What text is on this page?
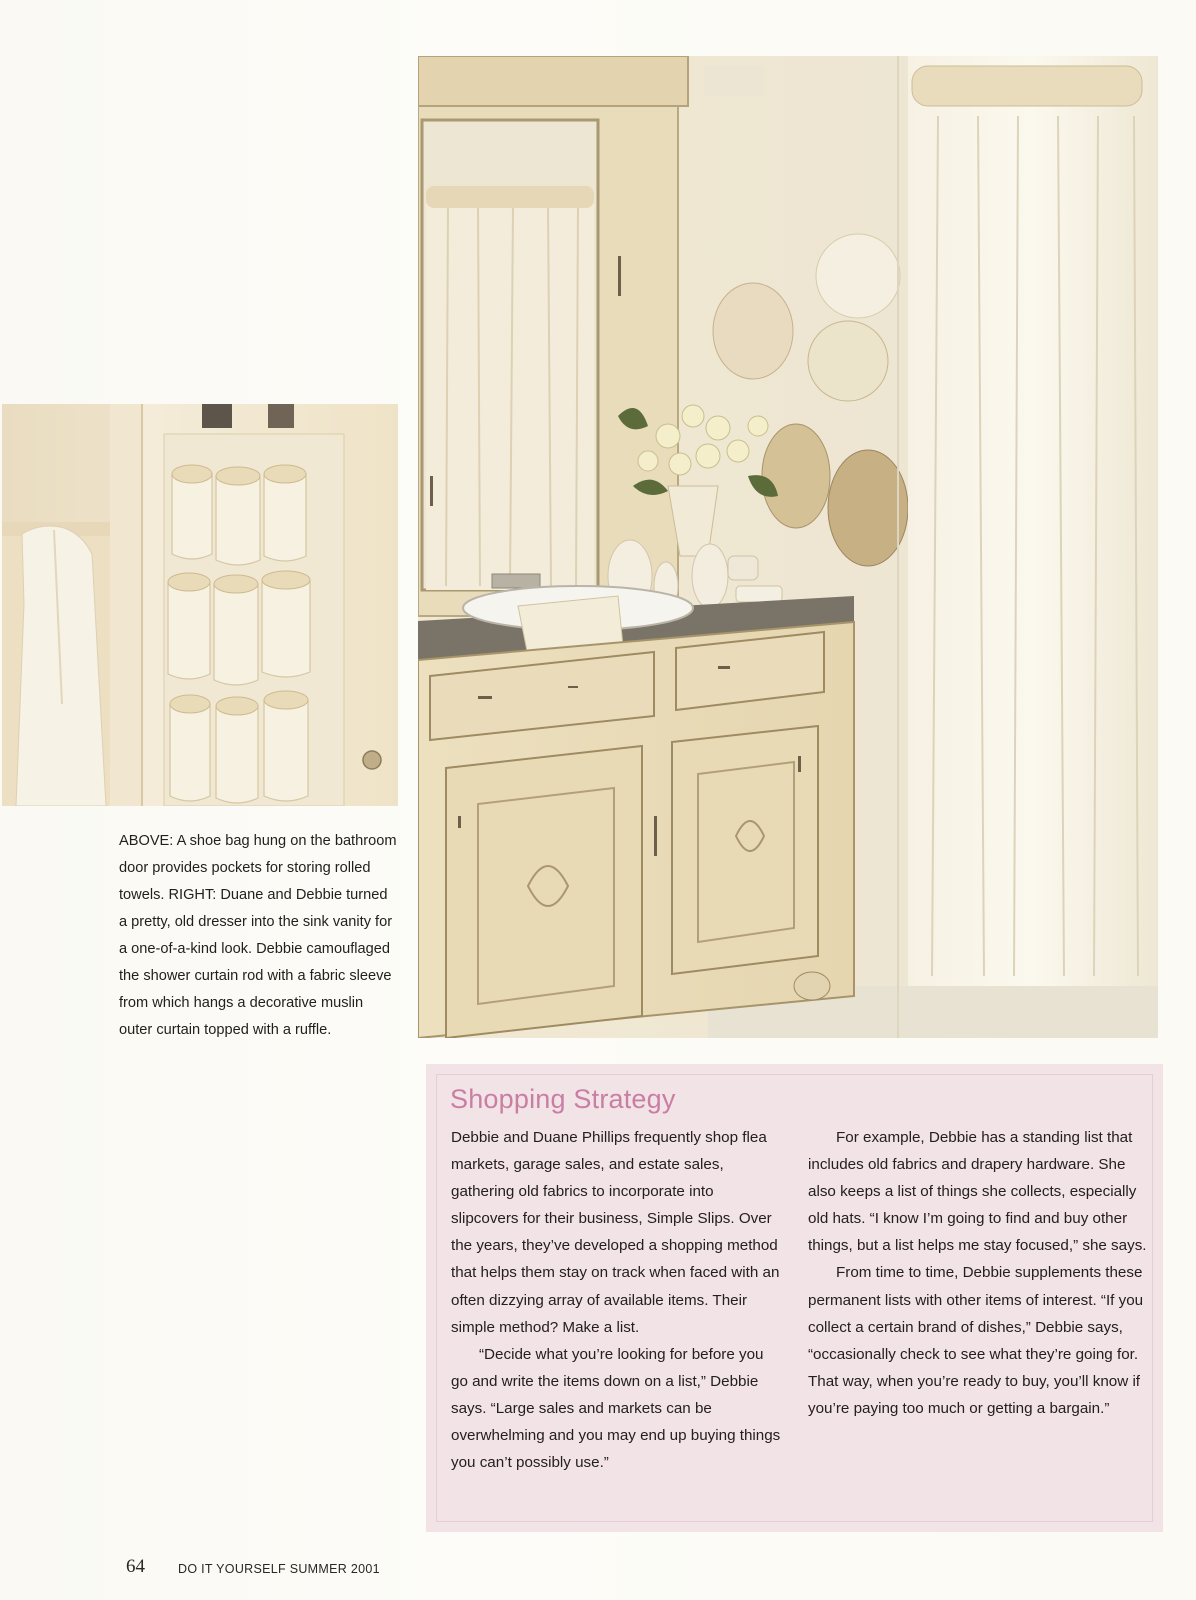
ABOVE: A shoe bag hung on the bathroom door provides pockets for storing rolled towels. RIGHT: Duane and Debbie turned a pretty, old dresser into the sink vanity for a one-of-a-kind look. Debbie camouflaged the shower curtain rod with a fabric sleeve from which hangs a decorative muslin outer curtain topped with a ruffle.
Shopping Strategy

Debbie and Duane Phillips frequently shop flea markets, garage sales, and estate sales, gathering old fabrics to incorporate into slipcovers for their business, Simple Slips. Over the years, they’ve developed a shopping method that helps them stay on track when faced with an often dizzying array of available items. Their simple method? Make a list.

“Decide what you’re looking for before you go and write the items down on a list,” Debbie says. “Large sales and markets can be overwhelming and you may end up buying things you can’t possibly use.”

For example, Debbie has a standing list that includes old fabrics and drapery hardware. She also keeps a list of things she collects, especially old hats. “I know I’m going to find and buy other things, but a list helps me stay focused,” she says.

From time to time, Debbie supplements these permanent lists with other items of interest. “If you collect a certain brand of dishes,” Debbie says, “occasionally check to see what they’re going for. That way, when you’re ready to buy, you’ll know if you’re paying too much or getting a bargain.”

64	DO IT YOURSELF SUMMER 2001
